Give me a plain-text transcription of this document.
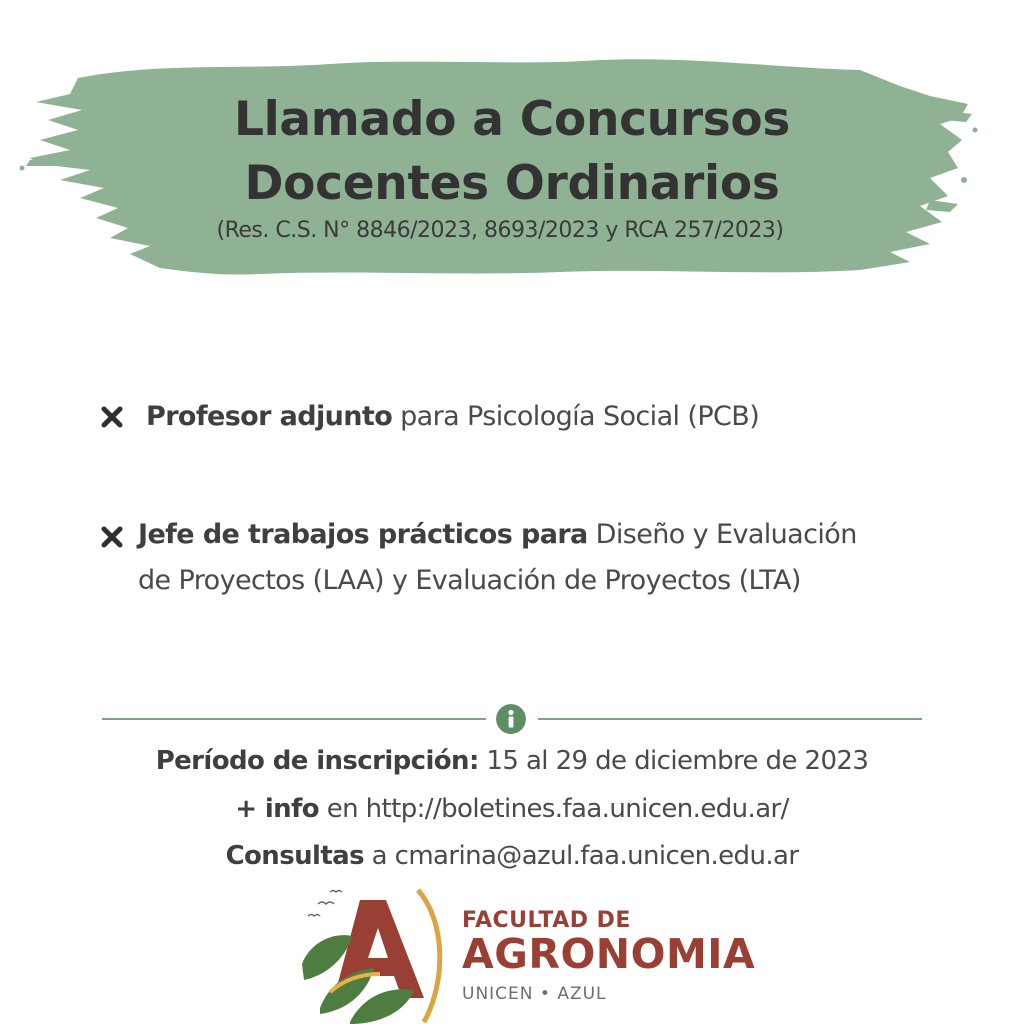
Llamado a Concursos
Docentes Ordinarios
(Res. C.S. N° 8846/2023, 8693/2023 y RCA 257/2023)
Profesor adjunto para Psicología Social (PCB)
Jefe de trabajos prácticos para Diseño y Evaluación
de Proyectos (LAA) y Evaluación de Proyectos (LTA)
Período de inscripción: 15 al 29 de diciembre de 2023
+ info en http://boletines.faa.unicen.edu.ar/
Consultas a cmarina@azul.faa.unicen.edu.ar
FACULTAD DE
AGRONOMIA
UNICEN • AZUL
